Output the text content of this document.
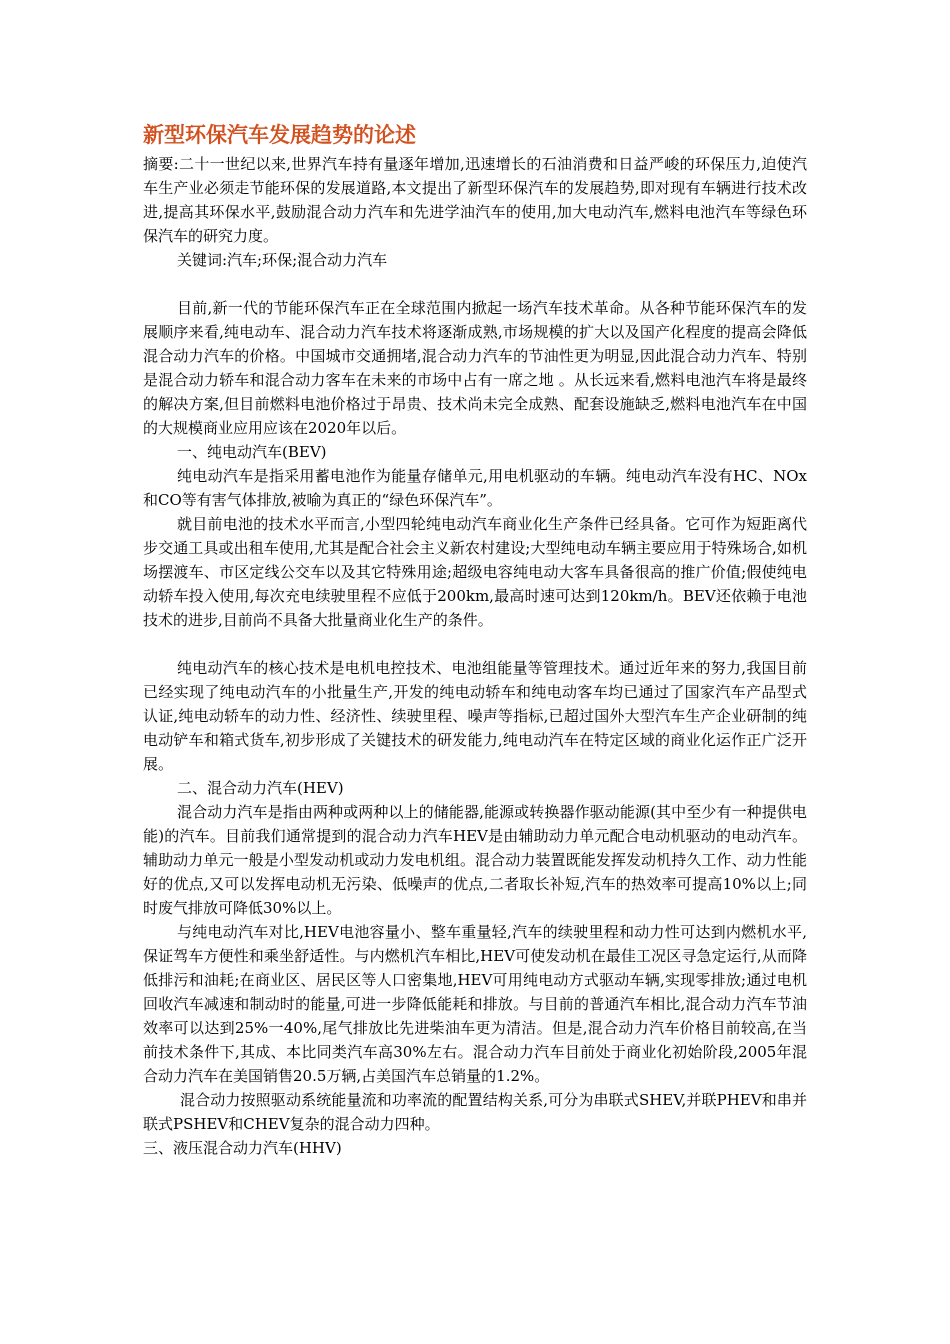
新型环保汽车发展趋势的论述

摘要:二十一世纪以来,世界汽车持有量逐年增加,迅速增长的石油消费和日益严峻的环保压力,迫使汽车生产业必须走节能环保的发展道路,本文提出了新型环保汽车的发展趋势,即对现有车辆进行技术改进,提高其环保水平,鼓励混合动力汽车和先进学油汽车的使用,加大电动汽车,燃料电池汽车等绿色环保汽车的研究力度。

关键词:汽车;环保;混合动力汽车

目前,新一代的节能环保汽车正在全球范围内掀起一场汽车技术革命。从各种节能环保汽车的发展顺序来看,纯电动车、混合动力汽车技术将逐渐成熟,市场规模的扩大以及国产化程度的提高会降低混合动力汽车的价格。中国城市交通拥堵,混合动力汽车的节油性更为明显,因此混合动力汽车、特别是混合动力轿车和混合动力客车在未来的市场中占有一席之地 。从长远来看,燃料电池汽车将是最终的解决方案,但目前燃料电池价格过于昂贵、技术尚未完全成熟、配套设施缺乏,燃料电池汽车在中国的大规模商业应用应该在2020年以后。

一、纯电动汽车(BEV)

纯电动汽车是指采用蓄电池作为能量存储单元,用电机驱动的车辆。纯电动汽车没有HC、NOx和CO等有害气体排放,被喻为真正的“绿色环保汽车”。

就目前电池的技术水平而言,小型四轮纯电动汽车商业化生产条件已经具备。它可作为短距离代步交通工具或出租车使用,尤其是配合社会主义新农村建设;大型纯电动车辆主要应用于特殊场合,如机场摆渡车、市区定线公交车以及其它特殊用途;超级电容纯电动大客车具备很高的推广价值;假使纯电动轿车投入使用,每次充电续驶里程不应低于200km,最高时速可达到120km/h。BEV还依赖于电池技术的进步,目前尚不具备大批量商业化生产的条件。

纯电动汽车的核心技术是电机电控技术、电池组能量等管理技术。通过近年来的努力,我国目前已经实现了纯电动汽车的小批量生产,开发的纯电动轿车和纯电动客车均已通过了国家汽车产品型式认证,纯电动轿车的动力性、经济性、续驶里程、噪声等指标,已超过国外大型汽车生产企业研制的纯电动铲车和箱式货车,初步形成了关键技术的研发能力,纯电动汽车在特定区域的商业化运作正广泛开展。

二、混合动力汽车(HEV)

混合动力汽车是指由两种或两种以上的储能器,能源或转换器作驱动能源(其中至少有一种提供电能)的汽车。目前我们通常提到的混合动力汽车HEV是由辅助动力单元配合电动机驱动的电动汽车。辅助动力单元一般是小型发动机或动力发电机组。混合动力装置既能发挥发动机持久工作、动力性能好的优点,又可以发挥电动机无污染、低噪声的优点,二者取长补短,汽车的热效率可提高10%以上;同时废气排放可降低30%以上。

与纯电动汽车对比,HEV电池容量小、整车重量轻,汽车的续驶里程和动力性可达到内燃机水平,保证驾车方便性和乘坐舒适性。与内燃机汽车相比,HEV可使发动机在最佳工况区寻急定运行,从而降低排污和油耗;在商业区、居民区等人口密集地,HEV可用纯电动方式驱动车辆,实现零排放;通过电机回收汽车减速和制动时的能量,可进一步降低能耗和排放。与目前的普通汽车相比,混合动力汽车节油效率可以达到25%一40%,尾气排放比先进柴油车更为清洁。但是,混合动力汽车价格目前较高,在当前技术条件下,其成、本比同类汽车高30%左右。混合动力汽车目前处于商业化初始阶段,2005年混合动力汽车在美国销售20.5万辆,占美国汽车总销量的1.2%。

混合动力按照驱动系统能量流和功率流的配置结构关系,可分为串联式SHEV,并联PHEV和串并联式PSHEV和CHEV复杂的混合动力四种。

三、液压混合动力汽车(HHV)
